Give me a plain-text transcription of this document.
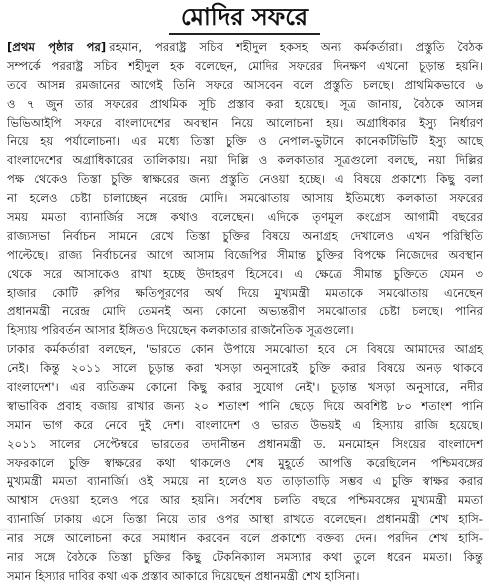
মোদির সফরে
[প্রথম পৃষ্ঠার পর] রহমান, পররাষ্ট্র সচিব শহীদুল হকসহ অন্য কর্মকর্তারা। প্রস্তুতি বৈঠক
সম্পর্কে পররাষ্ট্র সচিব শহীদুল হক বলেছেন, মোদির সফরের দিনক্ষণ এখনো চূড়ান্ত হয়নি।
তবে আসন্ন রমজানের আগেই তিনি সফরে আসবেন বলে প্রস্তুতি চলছে। প্রাথমিকভাবে ৬
ও ৭ জুন তার সফরের প্রাথমিক সূচি প্রস্তাব করা হয়েছে। সূত্র জানায়, বৈঠকে আসন্ন
ভিভিআইপি সফরে বাংলাদেশের অবস্থান নিয়ে আলোচনা হয়। অগ্রাধিকার ইস্যু নির্ধারণ
নিয়ে হয় পর্যালোচনা। এর মধ্যে তিস্তা চুক্তি ও নেপাল-ভুটানে কানেকটিভিটি ইস্যু আছে
বাংলাদেশের অগ্রাধিকারের তালিকায়। নয়া দিল্লি ও কলকাতার সূত্রগুলো বলছে, নয়া দিল্লির
পক্ষ থেকেও তিস্তা চুক্তি স্বাক্ষরের জন্য প্রস্তুতি নেওয়া হচ্ছে। এ বিষয়ে প্রকাশ্যে কিছু বলা
না হলেও চেষ্টা চালাচ্ছেন নরেন্দ্র মোদি। সমঝোতায় আসায় ইতিমধ্যে কলকাতা সফরের
সময় মমতা ব্যানার্জির সঙ্গে কথাও বলেছেন। এদিকে তৃণমূল কংগ্রেস আগামী বছরের
রাজ্যসভা নির্বাচন সামনে রেখে তিস্তা চুক্তির বিষয়ে অনাগ্রহ দেখালেও এখন পরিস্থিতি
পাল্টেছে। রাজ্য নির্বাচনের আগে আসাম বিজেপির সীমান্ত চুক্তির বিপক্ষে নিজেদের অবস্থান
থেকে সরে আসাকেও রাখা হচ্ছে উদাহরণ হিসেবে। এ ক্ষেত্রে সীমান্ত চুক্তিতে যেমন ৩
হাজার কোটি রুপির ক্ষতিপূরণের অর্থ দিয়ে মুখ্যমন্ত্রী মমতাকে সমঝোতায় এনেছেন
প্রধানমন্ত্রী নরেন্দ্র মোদি তেমনই অন্য কোনো অভ্যন্তরীণ সমঝোতার চেষ্টা চলছে। পানির
হিস্যায় পরিবর্তন আসার ইঙ্গিতও দিয়েছেন কলকাতার রাজনৈতিক সূত্রগুলো।
ঢাকার কর্মকর্তারা বলছেন, 'ভারতে কোন উপায়ে সমঝোতা হবে সে বিষয়ে আমাদের আগ্রহ
নেই। কিন্তু ২০১১ সালে চূড়ান্ত করা খসড়া অনুসারেই চুক্তি করার বিষয়ে অনড় থাকবে
বাংলাদেশ'। এর ব্যতিক্রম কোনো কিছু করার সুযোগ নেই'। চূড়ান্ত খসড়া অনুসারে, নদীর
স্বাভাবিক প্রবাহ বজায় রাখার জন্য ২০ শতাংশ পানি ছেড়ে দিয়ে অবশিষ্ট ৮০ শতাংশ পানি
সমান ভাগ করে নেবে দুই দেশ। বাংলাদেশ ও ভারত উভয়ই এ হিস্যায় রাজি হয়েছে।
২০১১ সালের সেপ্টেম্বরে ভারতের তদানীন্তন প্রধানমন্ত্রী ড. মনমোহন সিংয়ের বাংলাদেশ
সফরকালে চুক্তি স্বাক্ষরের কথা থাকলেও শেষ মুহূর্তে আপত্তি করেছিলেন পশ্চিমবঙ্গের
মুখ্যমন্ত্রী মমতা ব্যানার্জি। ওই সময়ে না হলেও যত তাড়াতাড়ি সম্ভব এ চুক্তি স্বাক্ষর করার
আশ্বাস দেওয়া হলেও পরে আর হয়নি। সর্বশেষ চলতি বছরে পশ্চিমবঙ্গের মুখ্যমন্ত্রী মমতা
ব্যানার্জি ঢাকায় এসে তিস্তা নিয়ে তার ওপর আস্থা রাখতে বলেছেন। প্রধানমন্ত্রী শেখ হাসি-
নার সঙ্গে আলোচনা করে সমাধান করবেন বলে প্রকাশ্যে বক্তব্য দেন। পরদিন শেখ হাসি-
নার সঙ্গে বৈঠকে তিস্তা চুক্তির কিছু টেকনিক্যাল সমস্যার কথা তুলে ধরেন মমতা। কিন্তু
সমান হিস্যার দাবির কথা এক প্রস্তাব আকারে দিয়েছেন প্রধানমন্ত্রী শেখ হাসিনা।
